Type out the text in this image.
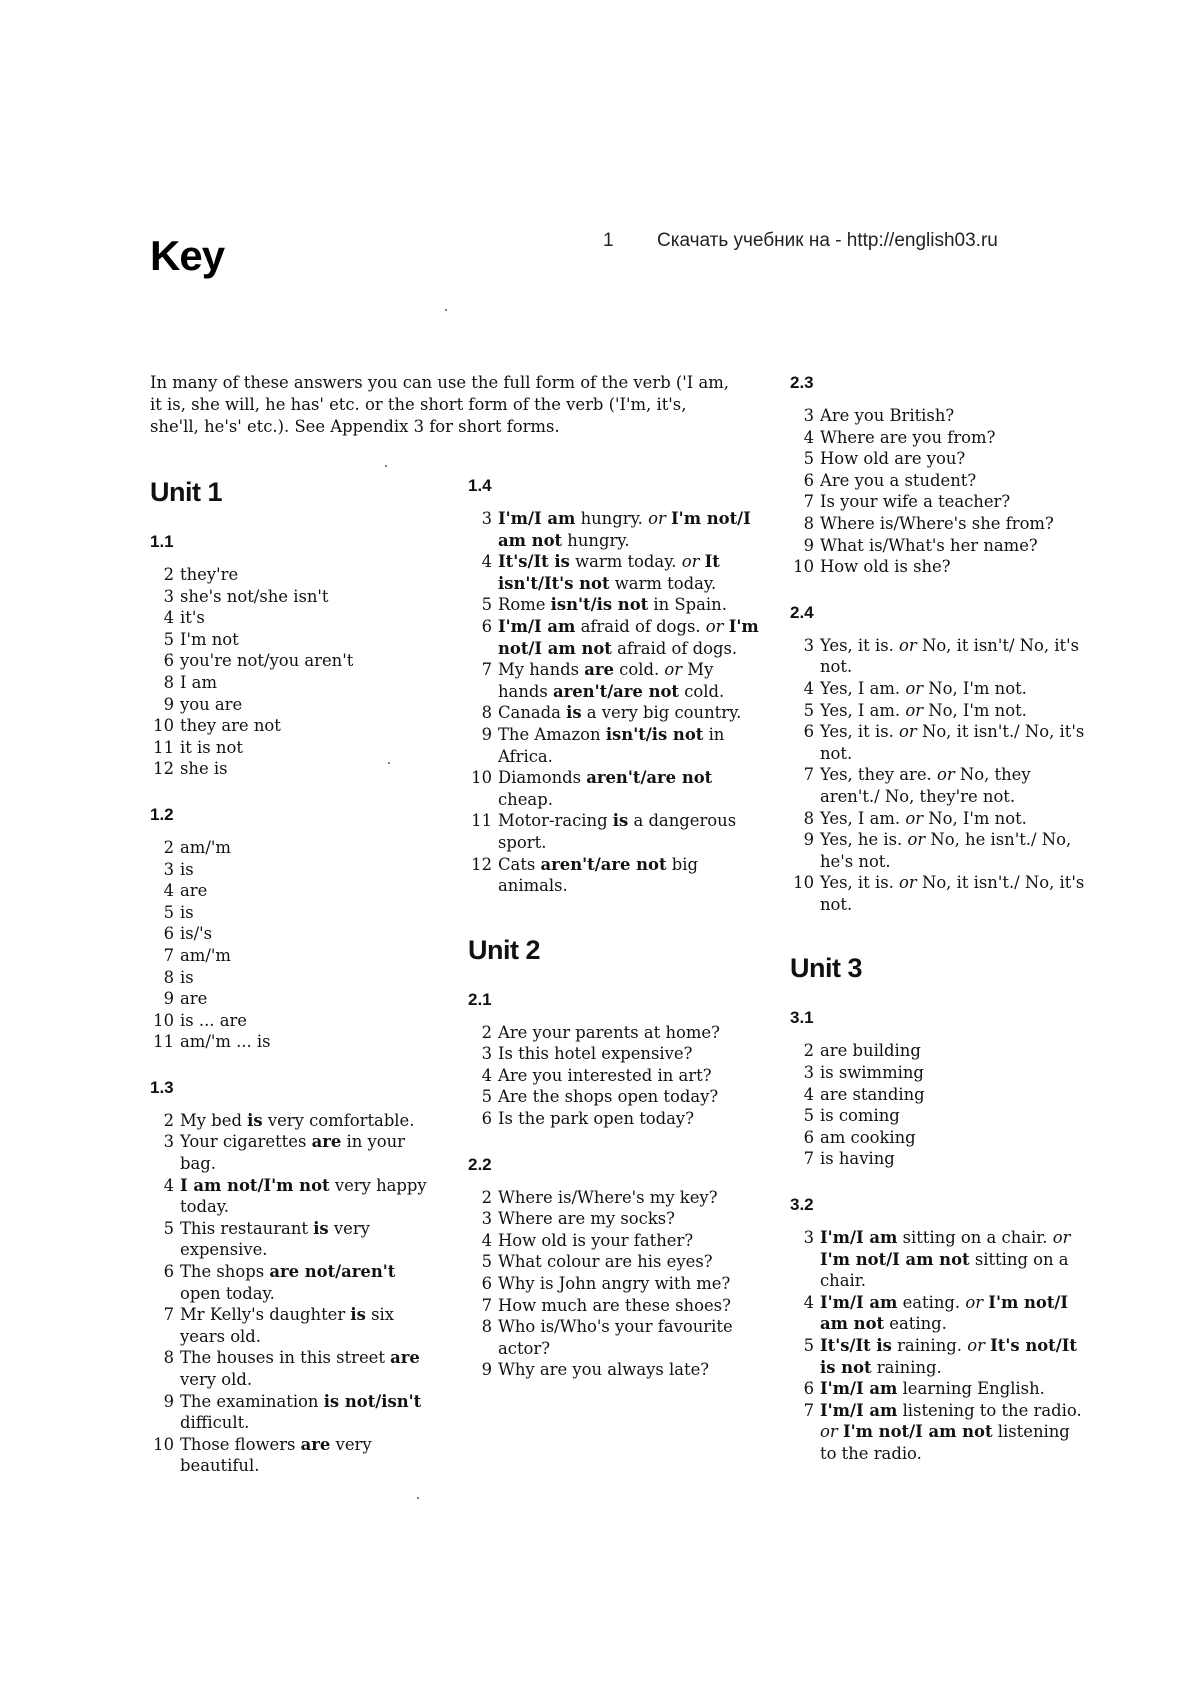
1 Скачать учебник на - http://english03.ru
Key
In many of these answers you can use the full form of the verb ('I am, it is, she will, he has' etc. or the short form of the verb ('I'm, it's, she'll, he's' etc.). See Appendix 3 for short forms.
Unit 1
1.1
2 they're
3 she's not/she isn't
4 it's
5 I'm not
6 you're not/you aren't
8 I am
9 you are
10 they are not
11 it is not
12 she is
1.2
2 am/'m
3 is
4 are
5 is
6 is/'s
7 am/'m
8 is
9 are
10 is ... are
11 am/'m ... is
1.3
2 My bed is very comfortable.
3 Your cigarettes are in your bag.
4 I am not/I'm not very happy today.
5 This restaurant is very expensive.
6 The shops are not/aren't open today.
7 Mr Kelly's daughter is six years old.
8 The houses in this street are very old.
9 The examination is not/isn't difficult.
10 Those flowers are very beautiful.
1.4
3 I'm/I am hungry. or I'm not/I am not hungry.
4 It's/It is warm today. or It isn't/It's not warm today.
5 Rome isn't/is not in Spain.
6 I'm/I am afraid of dogs. or I'm not/I am not afraid of dogs.
7 My hands are cold. or My hands aren't/are not cold.
8 Canada is a very big country.
9 The Amazon isn't/is not in Africa.
10 Diamonds aren't/are not cheap.
11 Motor-racing is a dangerous sport.
12 Cats aren't/are not big animals.
Unit 2
2.1
2 Are your parents at home?
3 Is this hotel expensive?
4 Are you interested in art?
5 Are the shops open today?
6 Is the park open today?
2.2
2 Where is/Where's my key?
3 Where are my socks?
4 How old is your father?
5 What colour are his eyes?
6 Why is John angry with me?
7 How much are these shoes?
8 Who is/Who's your favourite actor?
9 Why are you always late?
2.3
3 Are you British?
4 Where are you from?
5 How old are you?
6 Are you a student?
7 Is your wife a teacher?
8 Where is/Where's she from?
9 What is/What's her name?
10 How old is she?
2.4
3 Yes, it is. or No, it isn't/ No, it's not.
4 Yes, I am. or No, I'm not.
5 Yes, I am. or No, I'm not.
6 Yes, it is. or No, it isn't./ No, it's not.
7 Yes, they are. or No, they aren't./ No, they're not.
8 Yes, I am. or No, I'm not.
9 Yes, he is. or No, he isn't./ No, he's not.
10 Yes, it is. or No, it isn't./ No, it's not.
Unit 3
3.1
2 are building
3 is swimming
4 are standing
5 is coming
6 am cooking
7 is having
3.2
3 I'm/I am sitting on a chair. or I'm not/I am not sitting on a chair.
4 I'm/I am eating. or I'm not/I am not eating.
5 It's/It is raining. or It's not/It is not raining.
6 I'm/I am learning English.
7 I'm/I am listening to the radio. or I'm not/I am not listening to the radio.
